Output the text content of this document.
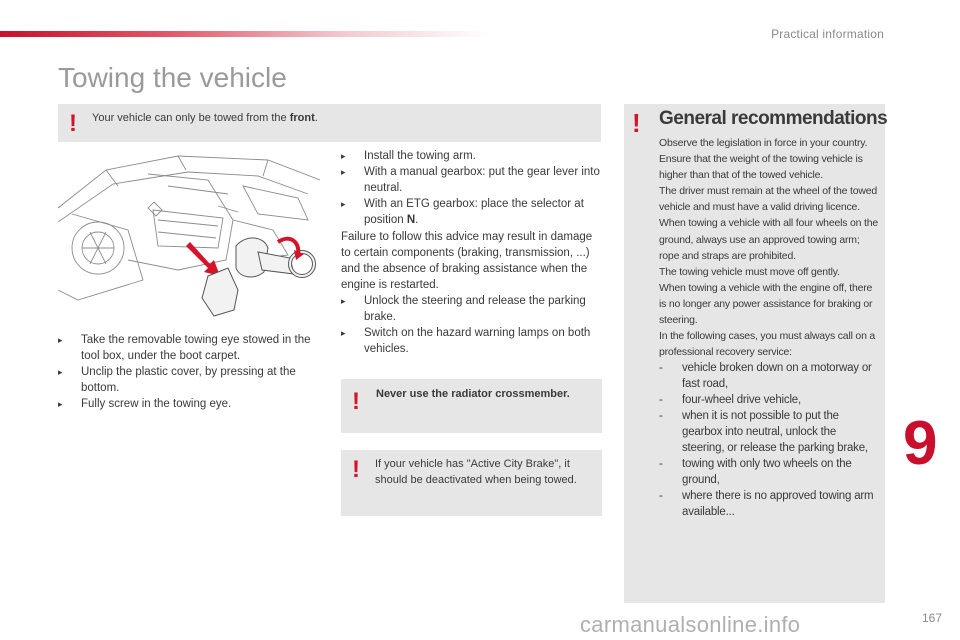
Practical information
Towing the vehicle
! Your vehicle can only be towed from the front.
▸ Take the removable towing eye stowed in the tool box, under the boot carpet.
▸ Unclip the plastic cover, by pressing at the bottom.
▸ Fully screw in the towing eye.
▸ Install the towing arm.
▸ With a manual gearbox: put the gear lever into neutral.
▸ With an ETG gearbox: place the selector at position N.

Failure to follow this advice may result in damage to certain components (braking, transmission, ...) and the absence of braking assistance when the engine is restarted.

▸ Unlock the steering and release the parking brake.
▸ Switch on the hazard warning lamps on both vehicles.
! Never use the radiator crossmember.
! If your vehicle has "Active City Brake", it should be deactivated when being towed.
! General recommendations

Observe the legislation in force in your country.

Ensure that the weight of the towing vehicle is higher than that of the towed vehicle.

The driver must remain at the wheel of the towed vehicle and must have a valid driving licence.

When towing a vehicle with all four wheels on the ground, always use an approved towing arm; rope and straps are prohibited.

The towing vehicle must move off gently.

When towing a vehicle with the engine off, there is no longer any power assistance for braking or steering.

In the following cases, you must always call on a professional recovery service:

- vehicle broken down on a motorway or fast road,
- four-wheel drive vehicle,
- when it is not possible to put the gearbox into neutral, unlock the steering, or release the parking brake,
- towing with only two wheels on the ground,
- where there is no approved towing arm available...
9
carmanualsonline.info	167
